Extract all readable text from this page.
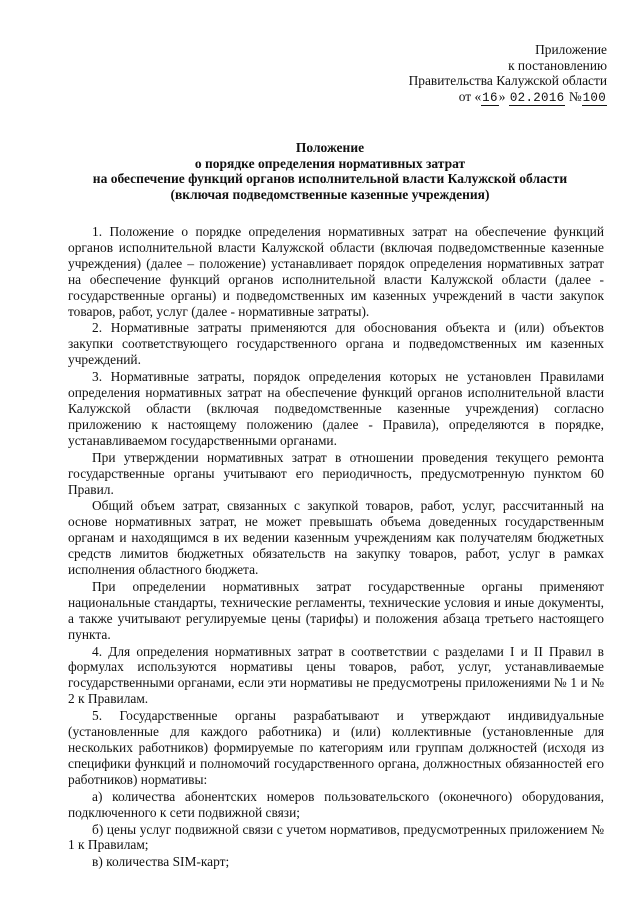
Приложение
к постановлению
Правительства Калужской области
от «16» 02.2016 №100
Положение
о порядке определения нормативных затрат
на обеспечение функций органов исполнительной власти Калужской области
(включая подведомственные казенные учреждения)

1. Положение о порядке определения нормативных затрат на обеспечение функций органов исполнительной власти Калужской области (включая подведомственные казенные учреждения) (далее – положение) устанавливает порядок определения нормативных затрат на обеспечение функций органов исполнительной власти Калужской области (далее - государственные органы) и подведомственных им казенных учреждений в части закупок товаров, работ, услуг (далее - нормативные затраты).

2. Нормативные затраты применяются для обоснования объекта и (или) объектов закупки соответствующего государственного органа и подведомственных им казенных учреждений.

3. Нормативные затраты, порядок определения которых не установлен Правилами определения нормативных затрат на обеспечение функций органов исполнительной власти Калужской области (включая подведомственные казенные учреждения) согласно приложению к настоящему положению (далее - Правила), определяются в порядке, устанавливаемом государственными органами.

При утверждении нормативных затрат в отношении проведения текущего ремонта государственные органы учитывают его периодичность, предусмотренную пунктом 60 Правил.

Общий объем затрат, связанных с закупкой товаров, работ, услуг, рассчитанный на основе нормативных затрат, не может превышать объема доведенных государственным органам и находящимся в их ведении казенным учреждениям как получателям бюджетных средств лимитов бюджетных обязательств на закупку товаров, работ, услуг в рамках исполнения областного бюджета.

При определении нормативных затрат государственные органы применяют национальные стандарты, технические регламенты, технические условия и иные документы, а также учитывают регулируемые цены (тарифы) и положения абзаца третьего настоящего пункта.

4. Для определения нормативных затрат в соответствии с разделами I и II Правил в формулах используются нормативы цены товаров, работ, услуг, устанавливаемые государственными органами, если эти нормативы не предусмотрены приложениями № 1 и № 2 к Правилам.

5. Государственные органы разрабатывают и утверждают индивидуальные (установленные для каждого работника) и (или) коллективные (установленные для нескольких работников) формируемые по категориям или группам должностей (исходя из специфики функций и полномочий государственного органа, должностных обязанностей его работников) нормативы:

а) количества абонентских номеров пользовательского (оконечного) оборудования, подключенного к сети подвижной связи;

б) цены услуг подвижной связи с учетом нормативов, предусмотренных приложением № 1 к Правилам;

в) количества SIM-карт;
